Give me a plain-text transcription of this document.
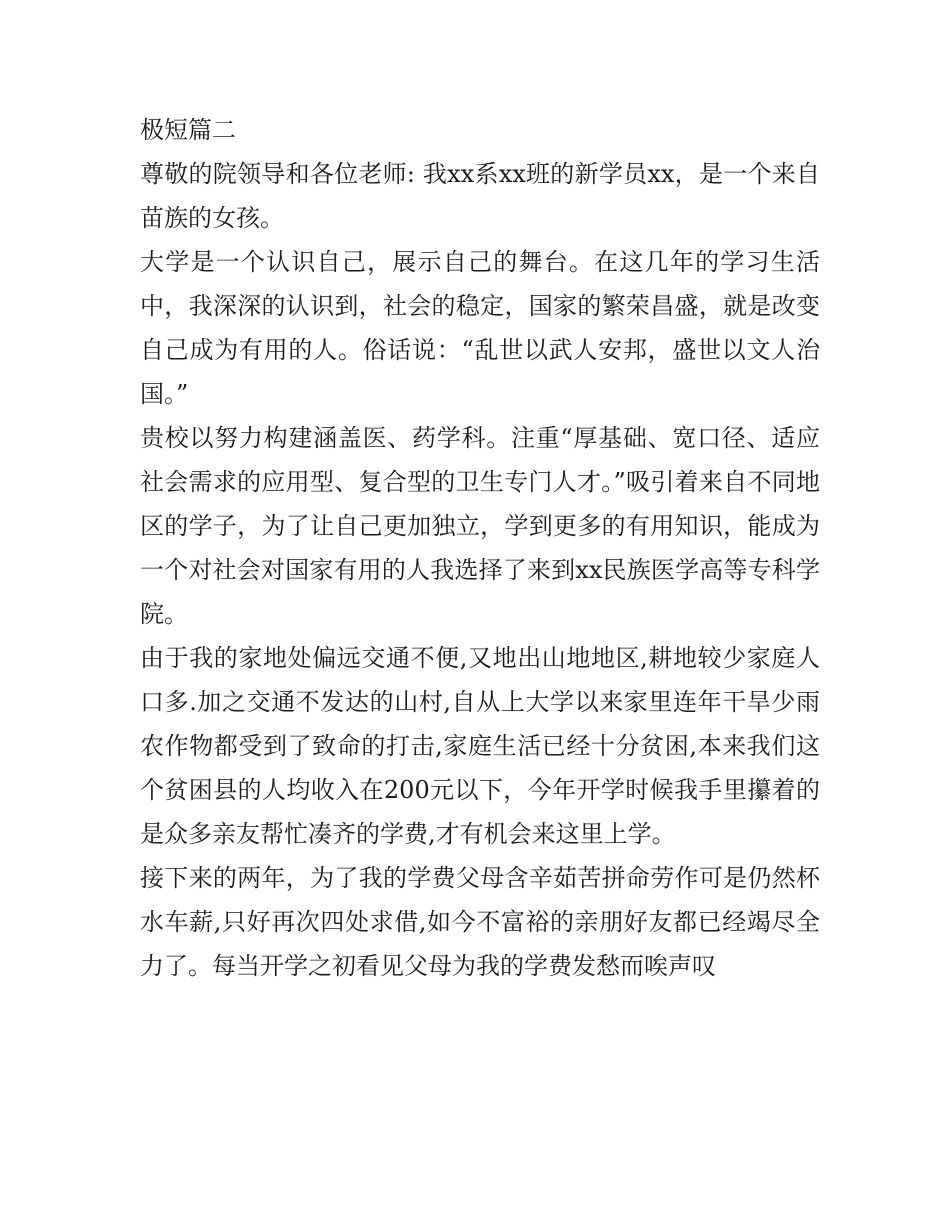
极短篇二

尊敬的院领导和各位老师: 我xx系xx班的新学员xx，是一个来自苗族的女孩。

大学是一个认识自己，展示自己的舞台。在这几年的学习生活中，我深深的认识到，社会的稳定，国家的繁荣昌盛，就是改变自己成为有用的人。俗话说：“乱世以武人安邦，盛世以文人治国。”

贵校以努力构建涵盖医、药学科。注重“厚基础、宽口径、适应社会需求的应用型、复合型的卫生专门人才。”吸引着来自不同地区的学子，为了让自己更加独立，学到更多的有用知识，能成为一个对社会对国家有用的人我选择了来到xx民族医学高等专科学院。

由于我的家地处偏远交通不便,又地出山地地区,耕地较少家庭人口多.加之交通不发达的山村,自从上大学以来家里连年干旱少雨农作物都受到了致命的打击,家庭生活已经十分贫困,本来我们这个贫困县的人均收入在200元以下，今年开学时候我手里攥着的是众多亲友帮忙凑齐的学费,才有机会来这里上学。

接下来的两年，为了我的学费父母含辛茹苦拼命劳作可是仍然杯水车薪,只好再次四处求借,如今不富裕的亲朋好友都已经竭尽全力了。每当开学之初看见父母为我的学费发愁而唉声叹
